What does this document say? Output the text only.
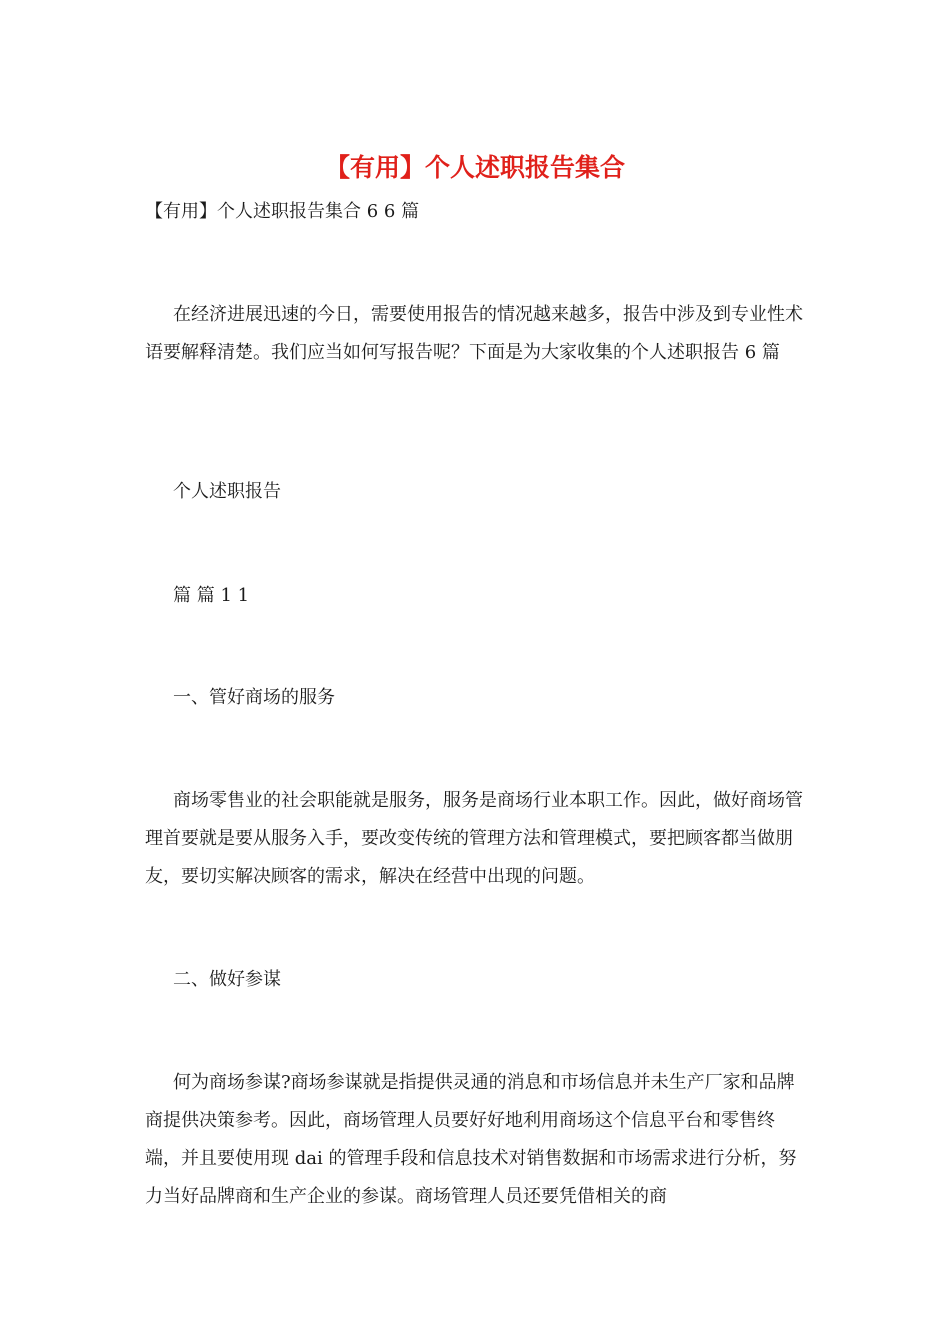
【有用】个人述职报告集合

【有用】个人述职报告集合 6 6 篇

在经济进展迅速的今日，需要使用报告的情况越来越多，报告中涉及到专业性术语要解释清楚。我们应当如何写报告呢？下面是为大家收集的个人述职报告 6 篇

个人述职报告

篇 篇 1 1

一、管好商场的服务

商场零售业的社会职能就是服务，服务是商场行业本职工作。因此，做好商场管理首要就是要从服务入手，要改变传统的管理方法和管理模式，要把顾客都当做朋友，要切实解决顾客的需求，解决在经营中出现的问题。

二、做好参谋

何为商场参谋?商场参谋就是指提供灵通的消息和市场信息并未生产厂家和品牌商提供决策参考。因此，商场管理人员要好好地利用商场这个信息平台和零售终端，并且要使用现 dai 的管理手段和信息技术对销售数据和市场需求进行分析，努力当好品牌商和生产企业的参谋。商场管理人员还要凭借相关的商
